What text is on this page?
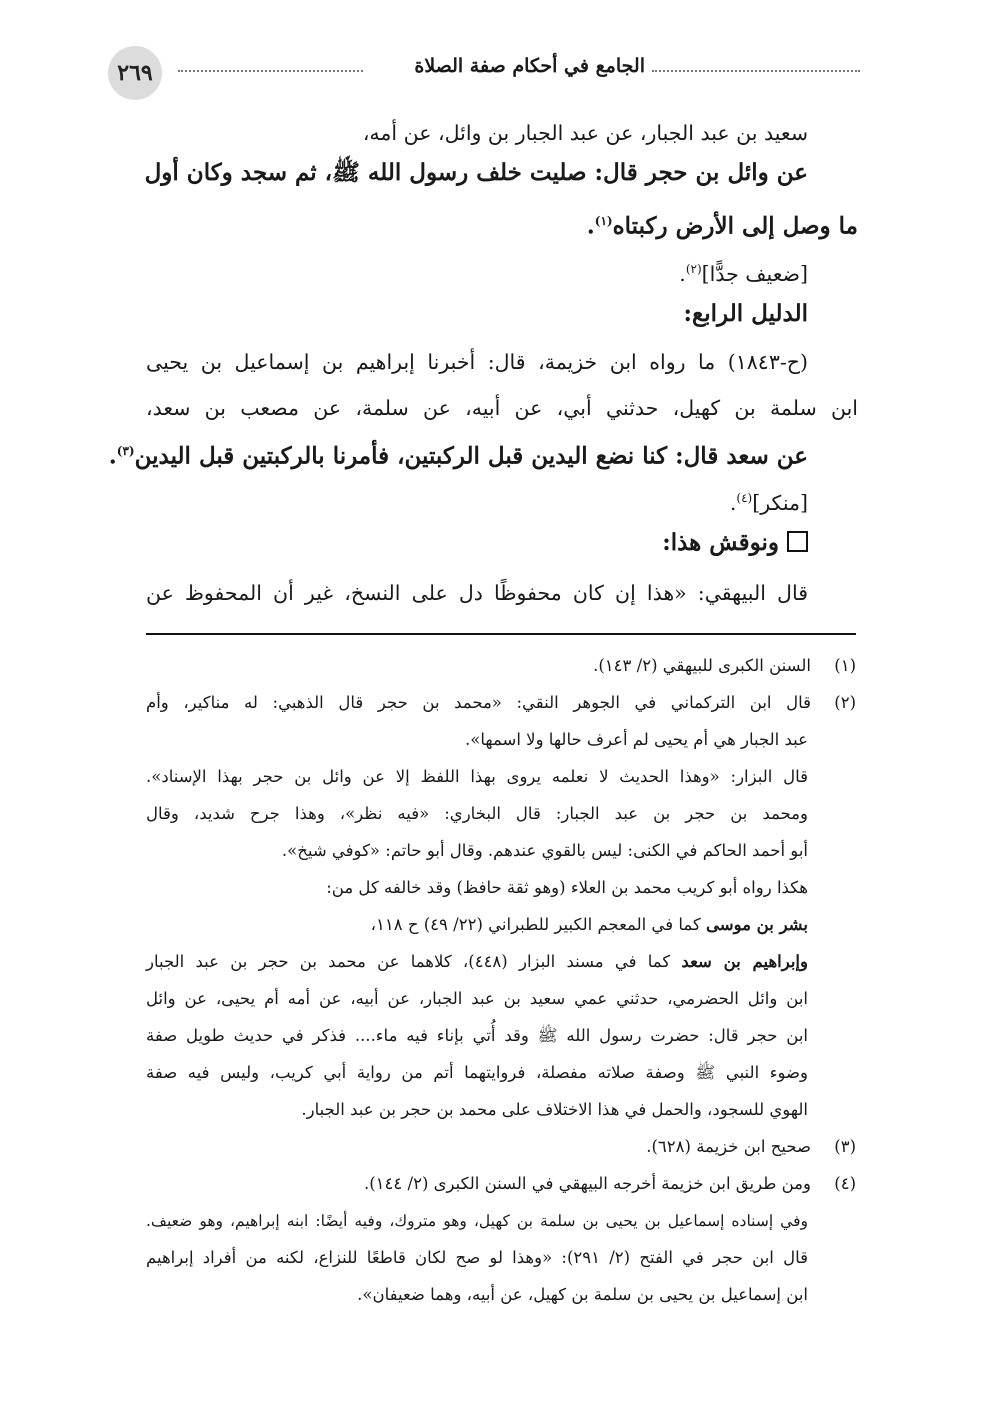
٢٦٩	الجامع في أحكام صفة الصلاة
سعيد بن عبد الجبار، عن عبد الجبار بن وائل، عن أمه،
عن وائل بن حجر قال: صليت خلف رسول الله ﷺ، ثم سجد وكان أول
ما وصل إلى الأرض ركبتاه$^{(١)}$.
[ضعيف جدًّا]$^{(٢)}$.
الدليل الرابع:
(ح-١٨٤٣) ما رواه ابن خزيمة، قال: أخبرنا إبراهيم بن إسماعيل بن يحيى
ابن سلمة بن كهيل، حدثني أبي، عن أبيه، عن سلمة، عن مصعب بن سعد،
عن سعد قال: كنا نضع اليدين قبل الركبتين، فأمرنا بالركبتين قبل اليدين$^{(٣)}$.
[منكر]$^{(٤)}$.
ونوقش هذا:
قال البيهقي: «هذا إن كان محفوظًا دل على النسخ، غير أن المحفوظ عن
(١)
السنن الكبرى للبيهقي (٢/ ١٤٣).
(٢)
قال ابن التركماني في الجوهر النقي: «محمد بن حجر قال الذهبي: له مناكير، وأم
عبد الجبار هي أم يحيى لم أعرف حالها ولا اسمها».
قال البزار: «وهذا الحديث لا نعلمه يروى بهذا اللفظ إلا عن وائل بن حجر بهذا الإسناد».
ومحمد بن حجر بن عبد الجبار: قال البخاري: «فيه نظر»، وهذا جرح شديد، وقال
أبو أحمد الحاكم في الكنى: ليس بالقوي عندهم. وقال أبو حاتم: «كوفي شيخ».
هكذا رواه أبو كريب محمد بن العلاء (وهو ثقة حافظ) وقد خالفه كل من:
بشر بن موسى كما في المعجم الكبير للطبراني (٢٢/ ٤٩) ح ١١٨،
وإبراهيم بن سعد كما في مسند البزار (٤٤٨)، كلاهما عن محمد بن حجر بن عبد الجبار
ابن وائل الحضرمي، حدثني عمي سعيد بن عبد الجبار، عن أبيه، عن أمه أم يحيى، عن وائل
ابن حجر قال: حضرت رسول الله ﷺ وقد أُتي بإناء فيه ماء.... فذكر في حديث طويل صفة
وضوء النبي ﷺ وصفة صلاته مفصلة، فروايتهما أتم من رواية أبي كريب، وليس فيه صفة
الهوي للسجود، والحمل في هذا الاختلاف على محمد بن حجر بن عبد الجبار.
(٣)
صحيح ابن خزيمة (٦٢٨).
(٤)
ومن طريق ابن خزيمة أخرجه البيهقي في السنن الكبرى (٢/ ١٤٤).
وفي إسناده إسماعيل بن يحيى بن سلمة بن كهيل، وهو متروك، وفيه أيضًا: ابنه إبراهيم، وهو ضعيف.
قال ابن حجر في الفتح (٢/ ٢٩١): «وهذا لو صح لكان قاطعًا للنزاع، لكنه من أفراد إبراهيم
ابن إسماعيل بن يحيى بن سلمة بن كهيل، عن أبيه، وهما ضعيفان».
